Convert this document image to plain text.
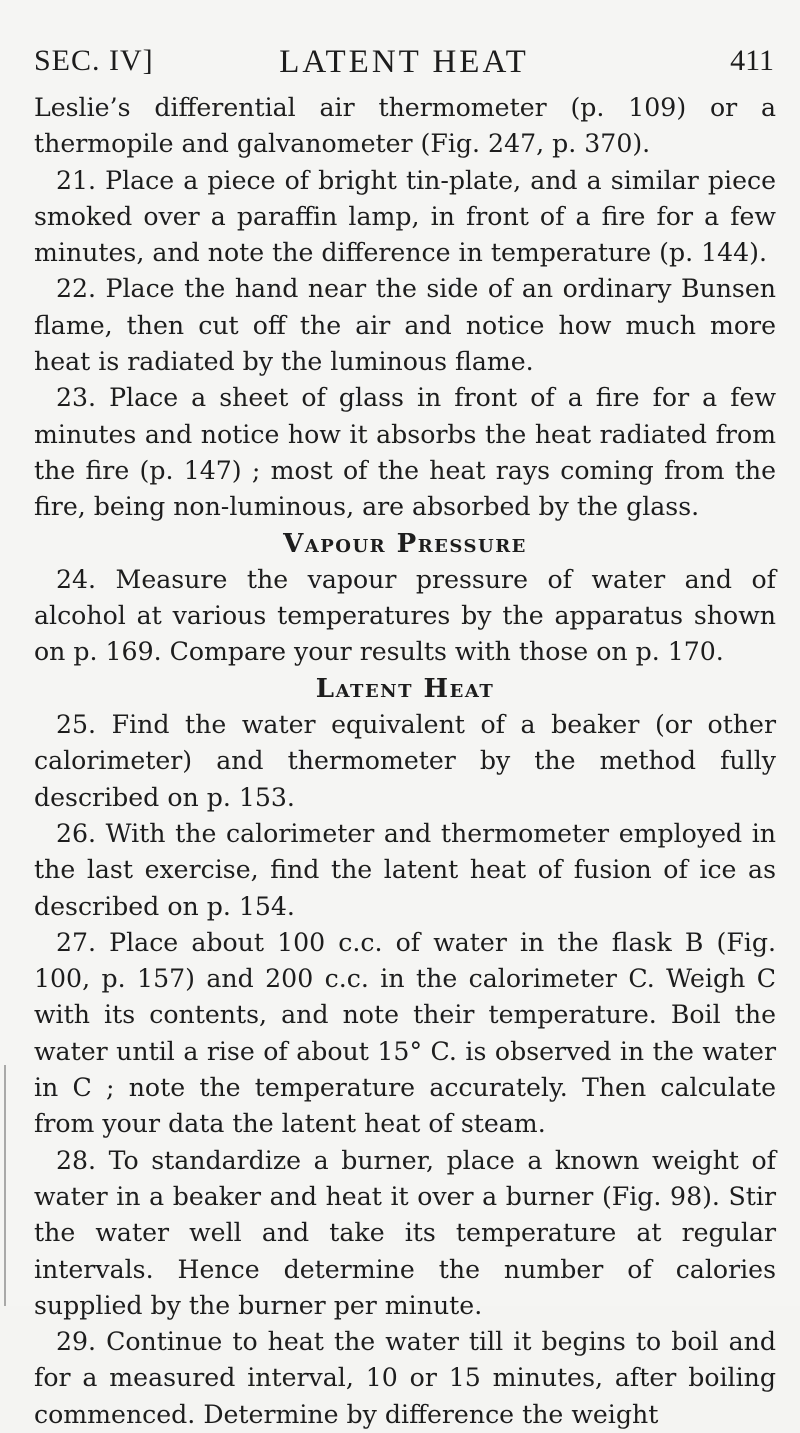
SEC. IV]	LATENT HEAT	411

Leslie’s differential air thermometer (p. 109) or a thermopile and galvanometer (Fig. 247, p. 370).

21. Place a piece of bright tin-plate, and a similar piece smoked over a paraffin lamp, in front of a fire for a few minutes, and note the difference in temperature (p. 144).

22. Place the hand near the side of an ordinary Bunsen flame, then cut off the air and notice how much more heat is radiated by the luminous flame.

23. Place a sheet of glass in front of a fire for a few minutes and notice how it absorbs the heat radiated from the fire (p. 147) ; most of the heat rays coming from the fire, being non-luminous, are absorbed by the glass.

Vapour Pressure

24. Measure the vapour pressure of water and of alcohol at various temperatures by the apparatus shown on p. 169. Compare your results with those on p. 170.

Latent Heat

25. Find the water equivalent of a beaker (or other calorimeter) and thermometer by the method fully described on p. 153.

26. With the calorimeter and thermometer employed in the last exercise, find the latent heat of fusion of ice as described on p. 154.

27. Place about 100 c.c. of water in the flask B (Fig. 100, p. 157) and 200 c.c. in the calorimeter C. Weigh C with its contents, and note their temperature. Boil the water until a rise of about 15° C. is observed in the water in C ; note the temperature accurately. Then calculate from your data the latent heat of steam.

28. To standardize a burner, place a known weight of water in a beaker and heat it over a burner (Fig. 98). Stir the water well and take its temperature at regular intervals. Hence determine the number of calories supplied by the burner per minute.

29. Continue to heat the water till it begins to boil and for a measured interval, 10 or 15 minutes, after boiling commenced. Determine by difference the weight
